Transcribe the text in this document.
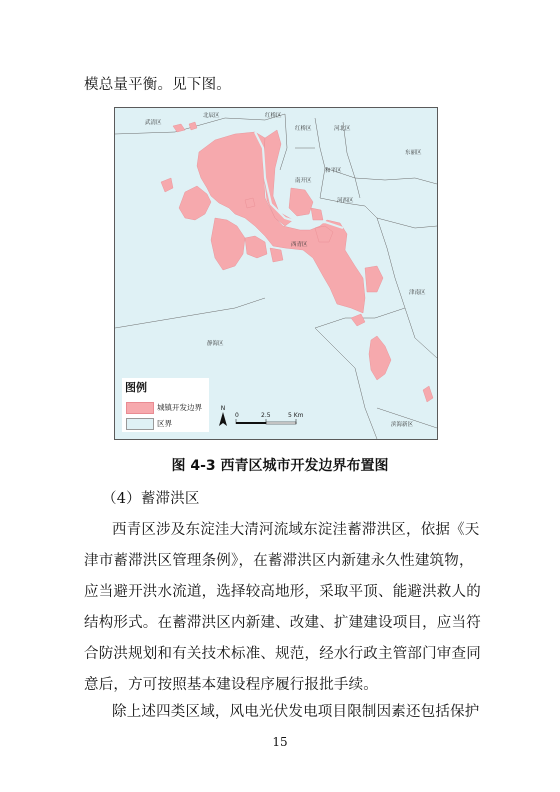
模总量平衡。见下图。
武清区
北辰区	红桥区
红桥区	河北区
东丽区
南开区
和平区
河西区
西青区
津南区
静海区
滨海新区
图例
城镇开发边界
区界
N
0	2.5	5 Km
图 4-3 西青区城市开发边界布置图
（4）蓄滞洪区
西青区涉及东淀洼大清河流域东淀洼蓄滞洪区，依据《天
津市蓄滞洪区管理条例》，在蓄滞洪区内新建永久性建筑物，
应当避开洪水流道，选择较高地形，采取平顶、能避洪救人的
结构形式。在蓄滞洪区内新建、改建、扩建建设项目，应当符
合防洪规划和有关技术标准、规范，经水行政主管部门审查同
意后，方可按照基本建设程序履行报批手续。
除上述四类区域，风电光伏发电项目限制因素还包括保护
15
